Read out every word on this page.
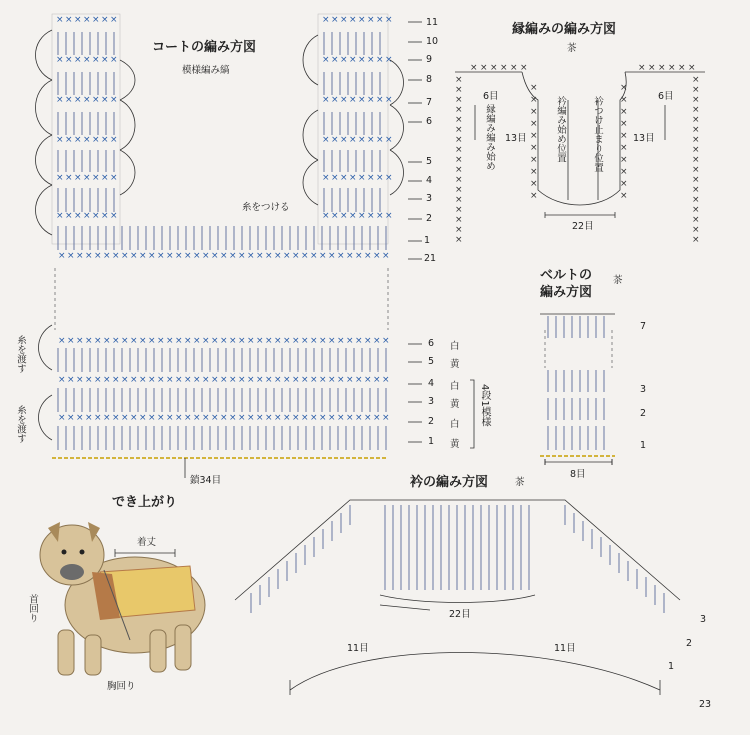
× × × × × × ×	× × × × × × × ×
× × × × × × ×	× × × × × × × ×
× × × × × × ×	× × × × × × × ×
× × × × × × ×	× × × × × × × ×
× × × × × × ×	× × × × × × × ×
× × × × × × ×	× × × × × × × ×
× × × × × × × × × × × × × × × × × × × × × × × × × × × × × × × × × × × × ×
× × × × × × × × × × × × × × × × × × × × × × × × × × × × × × × × × × × × ×
× × × × × × × × × × × × × × × × × × × × × × × × × × × × × × × × × × × × ×
× × × × × × × × × × × × × × × × × × × × × × × × × × × × × × × × × × × × ×
× × × × × ×	× × × × × ×
×	×
×	×
×	×
×	×
×	×
×	×
×	×
×	×
×	×
×	×
×	×
×	×
×	×
×	×
×	×
×	×
×	×
×	×
×	×
×	×
×	×
×	×
×	×
×	×
×	×
×	×
×	×
コートの編み方図
模様編み縞
糸をつける
鎖34目
糸を渡す
糸を渡す
11
10
9
8
7
6
5
4
3
2
1
21
6 白
5 黄
4 白
3 黄
2 白
1 黄
4段1模様
縁編みの編み方図
茶
6目	6目
13目	13目
22目
縁編み編み始め	衿編み始め位置	衿つけ止まり位置
ベルトの
編み方図
茶
7
3
2
1
8目
衿の編み方図	茶
22目
11目	11目
3
2
1
でき上がり
着丈
首回り
胸回り
23
